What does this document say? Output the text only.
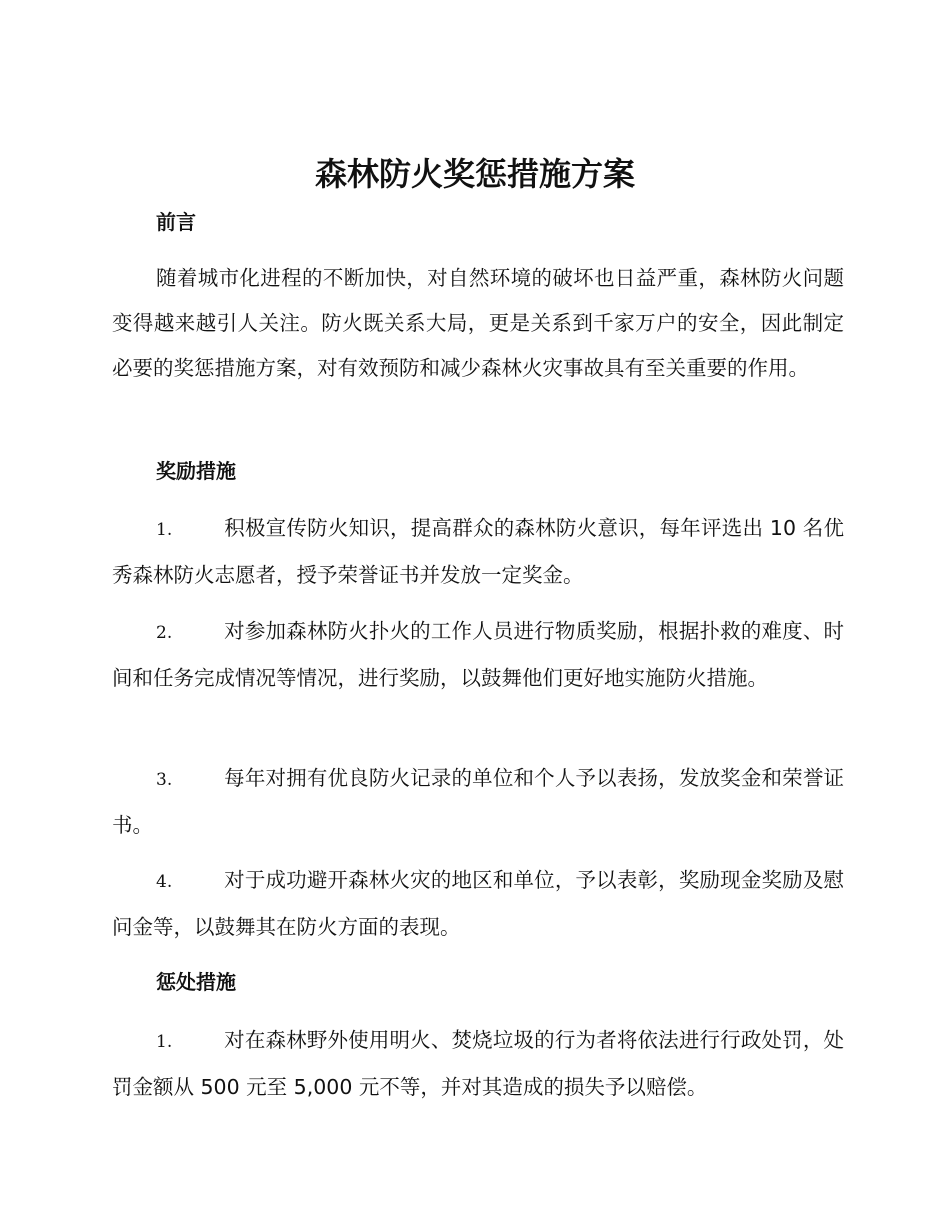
森林防火奖惩措施方案
前言

随着城市化进程的不断加快，对自然环境的破坏也日益严重，森林防火问题变得越来越引人关注。防火既关系大局，更是关系到千家万户的安全，因此制定必要的奖惩措施方案，对有效预防和减少森林火灾事故具有至关重要的作用。

奖励措施
1.	积极宣传防火知识，提高群众的森林防火意识，每年评选出 10 名优秀森林防火志愿者，授予荣誉证书并发放一定奖金。
2.	对参加森林防火扑火的工作人员进行物质奖励，根据扑救的难度、时间和任务完成情况等情况，进行奖励，以鼓舞他们更好地实施防火措施。
3.	每年对拥有优良防火记录的单位和个人予以表扬，发放奖金和荣誉证书。
4.	对于成功避开森林火灾的地区和单位，予以表彰，奖励现金奖励及慰问金等，以鼓舞其在防火方面的表现。
惩处措施
1.	对在森林野外使用明火、焚烧垃圾的行为者将依法进行行政处罚，处罚金额从 500 元至 5,000 元不等，并对其造成的损失予以赔偿。
